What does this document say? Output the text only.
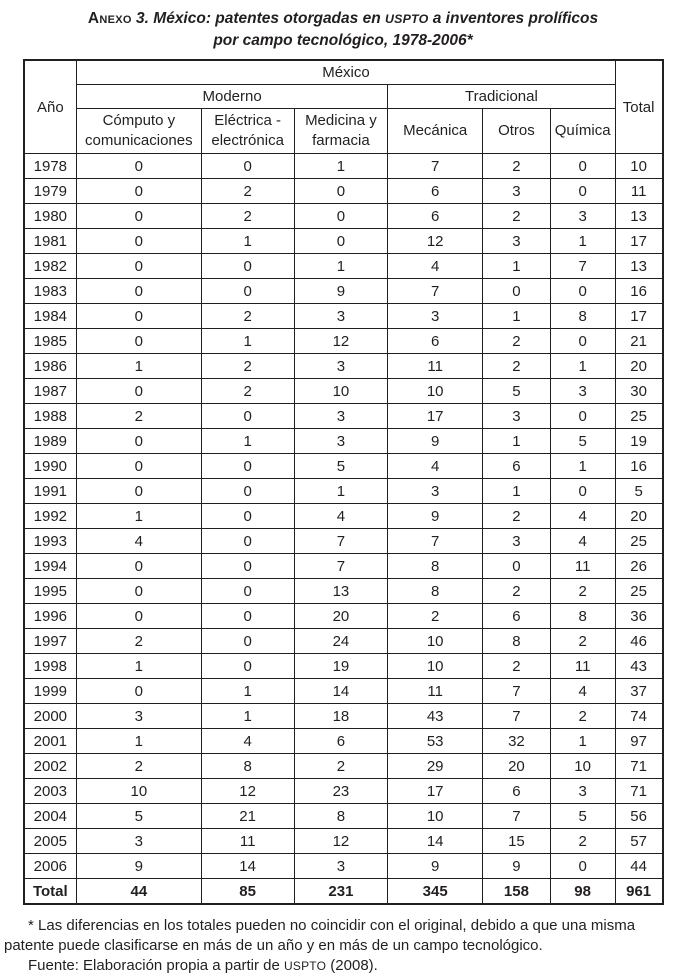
Anexo 3. México: patentes otorgadas en USPTO a inventores prolíficos
por campo tecnológico, 1978-2006*
Año	México						Total
	Moderno			Tradicional			
	Cómputo y comunicaciones	Eléctrica - electrónica	Medicina y farmacia	Mecánica	Otros	Química	
1978	0	0	1	7	2	0	10
1979	0	2	0	6	3	0	11
1980	0	2	0	6	2	3	13
1981	0	1	0	12	3	1	17
1982	0	0	1	4	1	7	13
1983	0	0	9	7	0	0	16
1984	0	2	3	3	1	8	17
1985	0	1	12	6	2	0	21
1986	1	2	3	11	2	1	20
1987	0	2	10	10	5	3	30
1988	2	0	3	17	3	0	25
1989	0	1	3	9	1	5	19
1990	0	0	5	4	6	1	16
1991	0	0	1	3	1	0	5
1992	1	0	4	9	2	4	20
1993	4	0	7	7	3	4	25
1994	0	0	7	8	0	11	26
1995	0	0	13	8	2	2	25
1996	0	0	20	2	6	8	36
1997	2	0	24	10	8	2	46
1998	1	0	19	10	2	11	43
1999	0	1	14	11	7	4	37
2000	3	1	18	43	7	2	74
2001	1	4	6	53	32	1	97
2002	2	8	2	29	20	10	71
2003	10	12	23	17	6	3	71
2004	5	21	8	10	7	5	56
2005	3	11	12	14	15	2	57
2006	9	14	3	9	9	0	44
Total	44	85	231	345	158	98	961

* Las diferencias en los totales pueden no coincidir con el original, debido a que una misma patente puede clasificarse en más de un año y en más de un campo tecnológico.

Fuente: Elaboración propia a partir de USPTO (2008).
